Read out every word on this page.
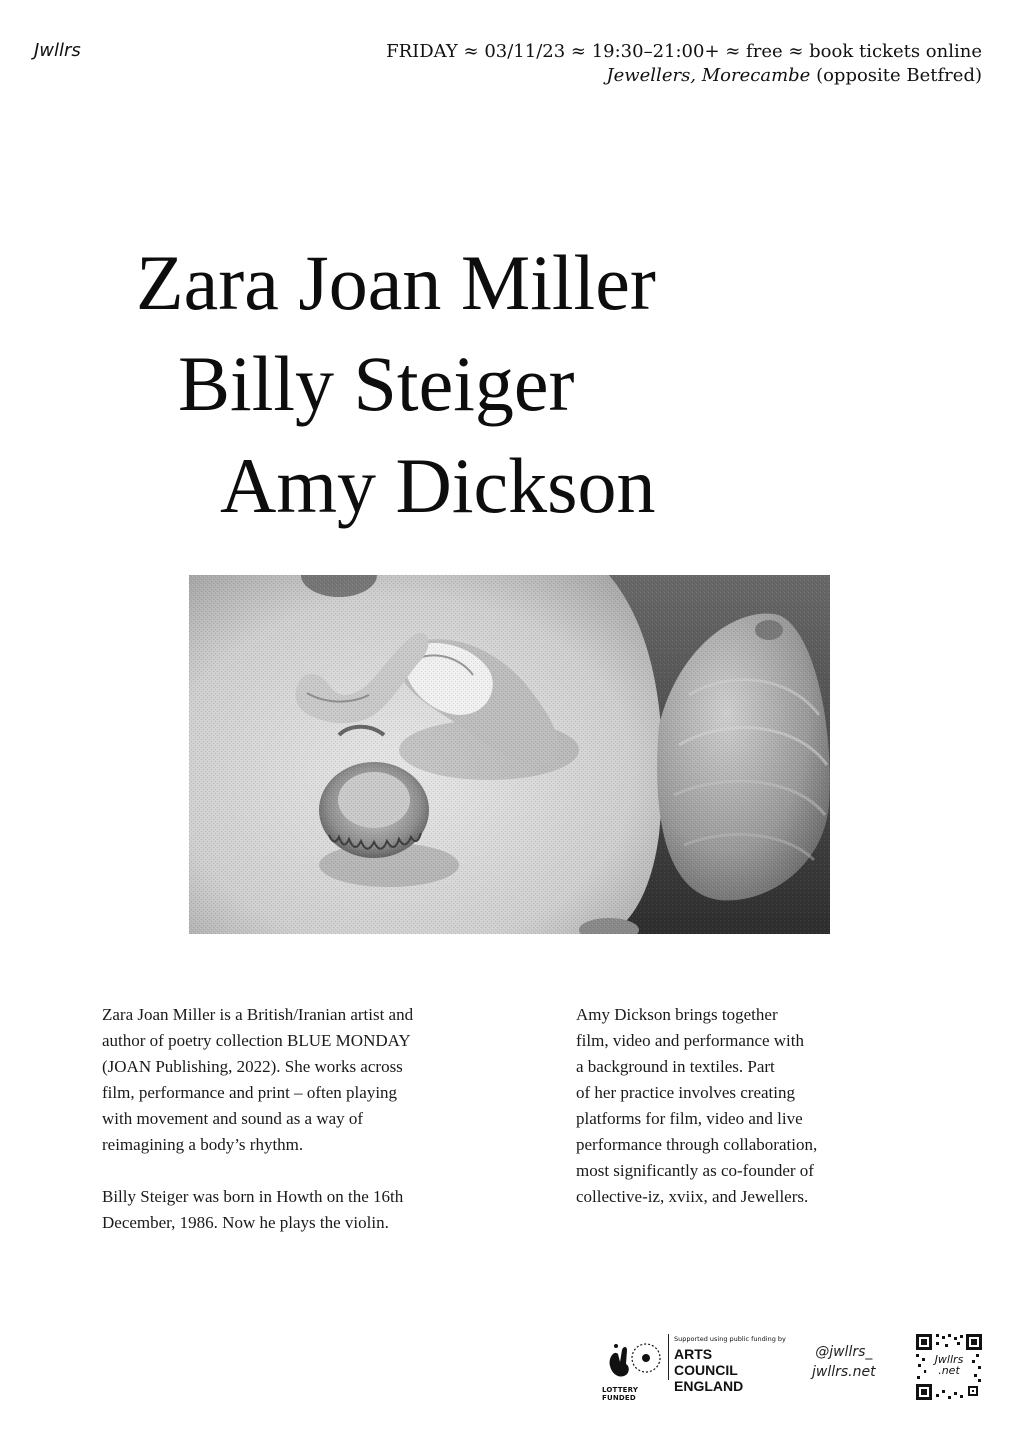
Jwllrs	FRIDAY ≈ 03/11/23 ≈ 19:30–21:00+ ≈ free ≈ book tickets online
Jewellers, Morecambe (opposite Betfred)
Zara Joan Miller
Billy Steiger
Amy Dickson

Zara Joan Miller is a British/Iranian artist and
author of poetry collection BLUE MONDAY
(JOAN Publishing, 2022). She works across
film, performance and print – often playing
with movement and sound as a way of
reimagining a body’s rhythm.

Billy Steiger was born in Howth on the 16th
December, 1986. Now he plays the violin.

Amy Dickson brings together
film, video and performance with
a background in textiles. Part
of her practice involves creating
platforms for film, video and live
performance through collaboration,
most significantly as co-founder of
collective-iz, xviix, and Jewellers.

LOTTERY FUNDED
Supported using public funding by
ARTS COUNCIL
ENGLAND
@jwllrs_
jwllrs.net
Jwllrs
.net
